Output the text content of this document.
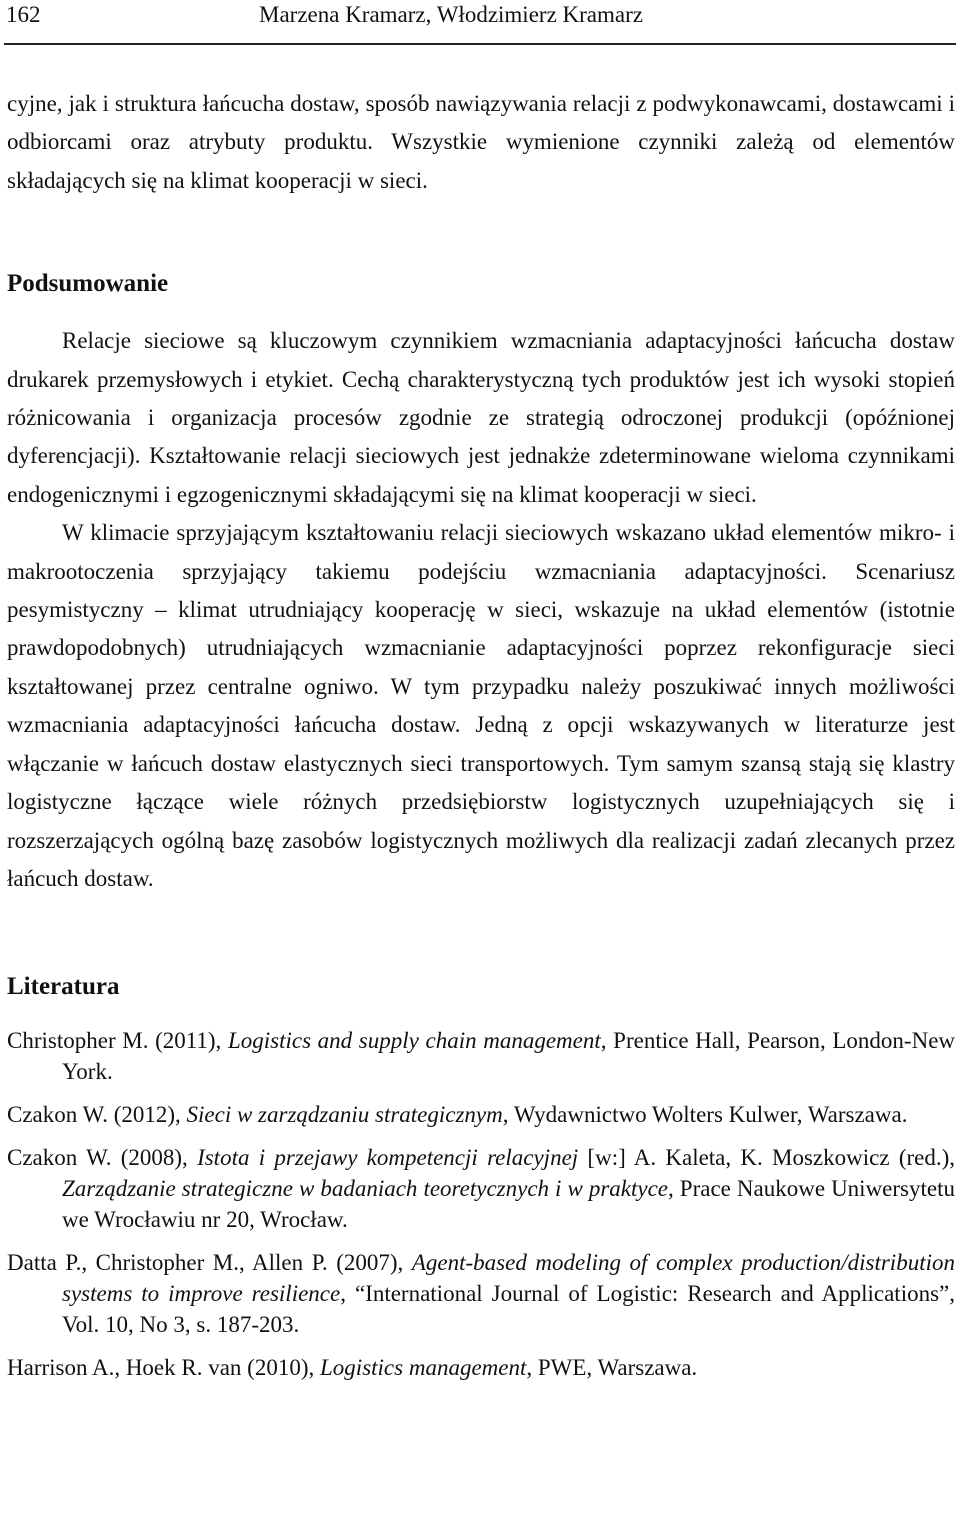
162	Marzena Kramarz, Włodzimierz Kramarz

cyjne, jak i struktura łańcucha dostaw, sposób nawiązywania relacji z podwykonawcami, dostawcami i odbiorcami oraz atrybuty produktu. Wszystkie wymienione czynniki zależą od elementów składających się na klimat kooperacji w sieci.

Podsumowanie

Relacje sieciowe są kluczowym czynnikiem wzmacniania adaptacyjności łańcucha dostaw drukarek przemysłowych i etykiet. Cechą charakterystyczną tych produktów jest ich wysoki stopień różnicowania i organizacja procesów zgodnie ze strategią odroczonej produkcji (opóźnionej dyferencjacji). Kształtowanie relacji sieciowych jest jednakże zdeterminowane wieloma czynnikami endogenicznymi i egzogenicznymi składającymi się na klimat kooperacji w sieci.

W klimacie sprzyjającym kształtowaniu relacji sieciowych wskazano układ elementów mikro- i makrootoczenia sprzyjający takiemu podejściu wzmacniania adaptacyjności. Scenariusz pesymistyczny – klimat utrudniający kooperację w sieci, wskazuje na układ elementów (istotnie prawdopodobnych) utrudniających wzmacnianie adaptacyjności poprzez rekonfiguracje sieci kształtowanej przez centralne ogniwo. W tym przypadku należy poszukiwać innych możliwości wzmacniania adaptacyjności łańcucha dostaw. Jedną z opcji wskazywanych w literaturze jest włączanie w łańcuch dostaw elastycznych sieci transportowych. Tym samym szansą stają się klastry logistyczne łączące wiele różnych przedsiębiorstw logistycznych uzupełniających się i rozszerzających ogólną bazę zasobów logistycznych możliwych dla realizacji zadań zlecanych przez łańcuch dostaw.

Literatura
Christopher M. (2011), Logistics and supply chain management, Prentice Hall, Pearson, London-New York.
Czakon W. (2012), Sieci w zarządzaniu strategicznym, Wydawnictwo Wolters Kulwer, Warszawa.
Czakon W. (2008), Istota i przejawy kompetencji relacyjnej [w:] A. Kaleta, K. Moszkowicz (red.), Zarządzanie strategiczne w badaniach teoretycznych i w praktyce, Prace Naukowe Uniwersytetu we Wrocławiu nr 20, Wrocław.
Datta P., Christopher M., Allen P. (2007), Agent-based modeling of complex production/distribution systems to improve resilience, “International Journal of Logistic: Research and Applications”, Vol. 10, No 3, s. 187-203.
Harrison A., Hoek R. van (2010), Logistics management, PWE, Warszawa.
